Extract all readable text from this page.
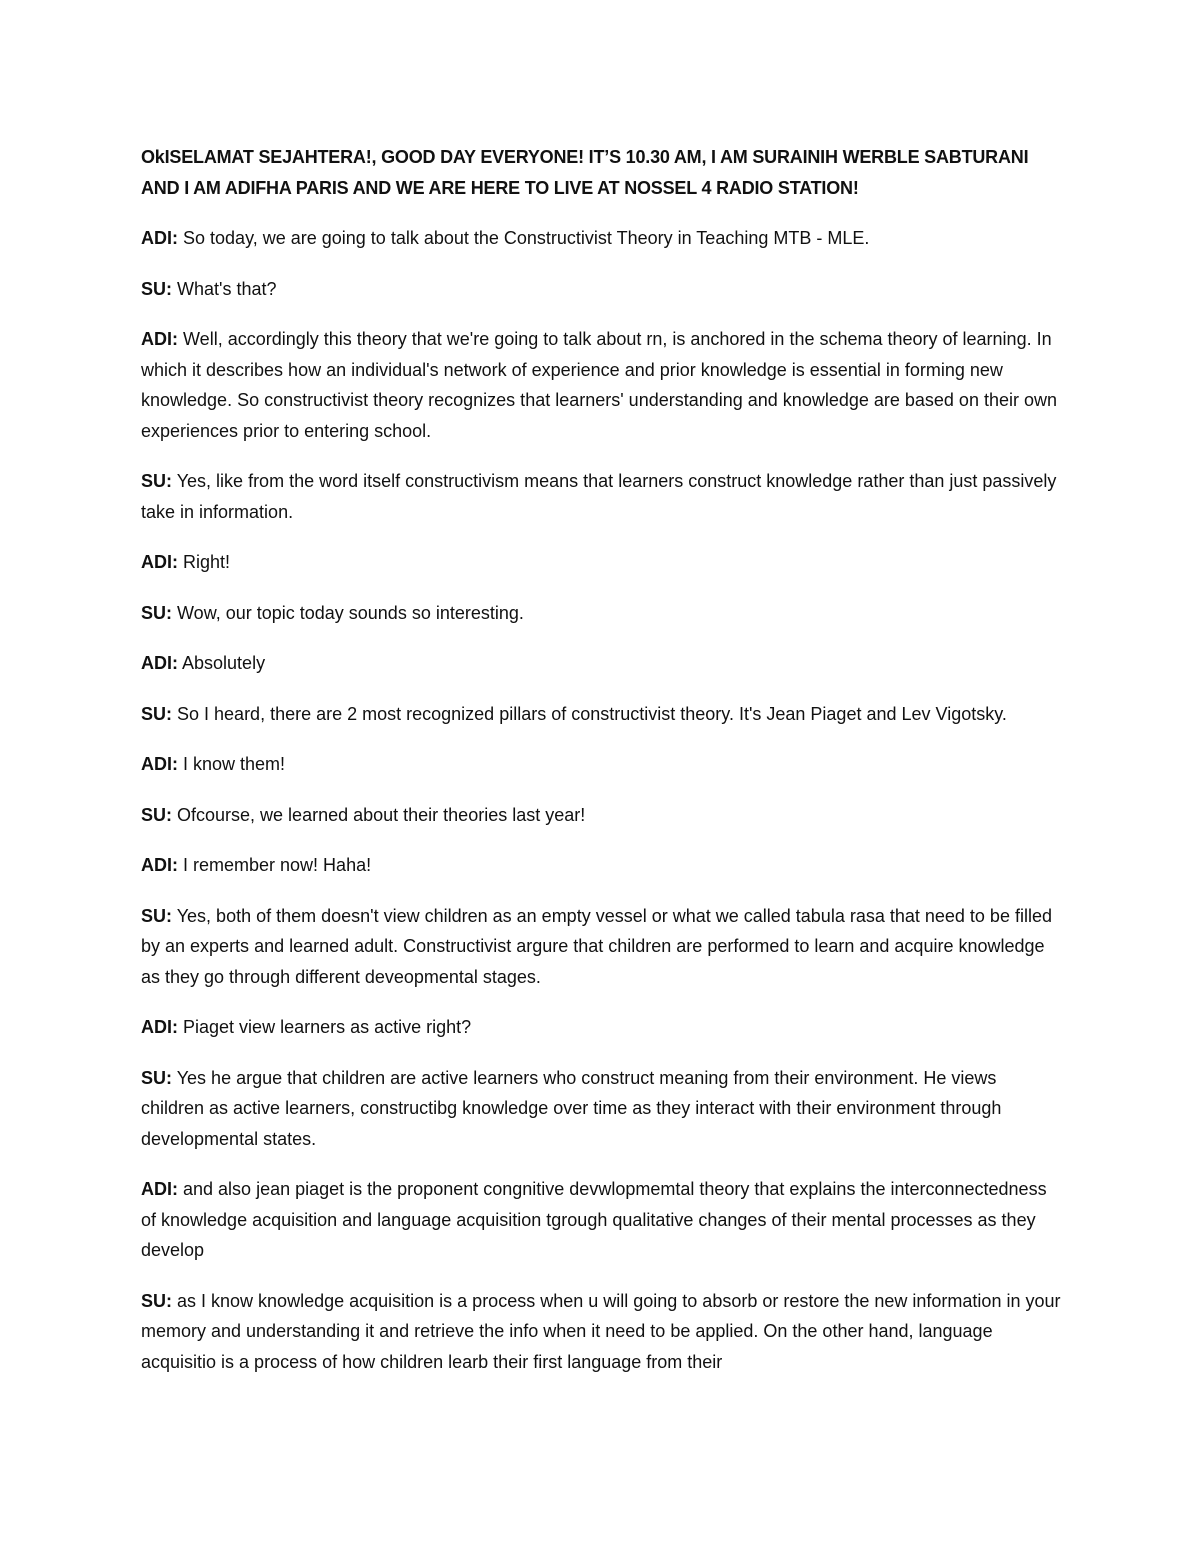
OkISELAMAT SEJAHTERA!, GOOD DAY EVERYONE! IT’S 10.30 AM, I AM SURAINIH WERBLE SABTURANI AND I AM ADIFHA PARIS AND WE ARE HERE TO LIVE AT NOSSEL 4 RADIO STATION!

ADI: So today, we are going to talk about the Constructivist Theory in Teaching MTB - MLE.

SU: What's that?

ADI: Well, accordingly this theory that we're going to talk about rn, is anchored in the schema theory of learning. In which it describes how an individual's network of experience and prior knowledge is essential in forming new knowledge. So constructivist theory recognizes that learners' understanding and knowledge are based on their own experiences prior to entering school.

SU: Yes, like from the word itself constructivism means that learners construct knowledge rather than just passively take in information.

ADI: Right!

SU: Wow, our topic today sounds so interesting.

ADI: Absolutely

SU: So I heard, there are 2 most recognized pillars of constructivist theory. It's Jean Piaget and Lev Vigotsky.

ADI: I know them!

SU: Ofcourse, we learned about their theories last year!

ADI: I remember now! Haha!

SU: Yes, both of them doesn't view children as an empty vessel or what we called tabula rasa that need to be filled by an experts and learned adult. Constructivist argure that children are performed to learn and acquire knowledge as they go through different deveopmental stages.

ADI: Piaget view learners as active right?

SU: Yes he argue that children are active learners who construct meaning from their environment. He views children as active learners, constructibg knowledge over time as they interact with their environment through developmental states.

ADI: and also jean piaget is the proponent congnitive devwlopmemtal theory that explains the interconnectedness of knowledge acquisition and language acquisition tgrough qualitative changes of their mental processes as they develop

SU: as I know knowledge acquisition is a process when u will going to absorb or restore the new information in your memory and understanding it and retrieve the info when it need to be applied. On the other hand, language acquisitio is a process of how children learb their first language from their
